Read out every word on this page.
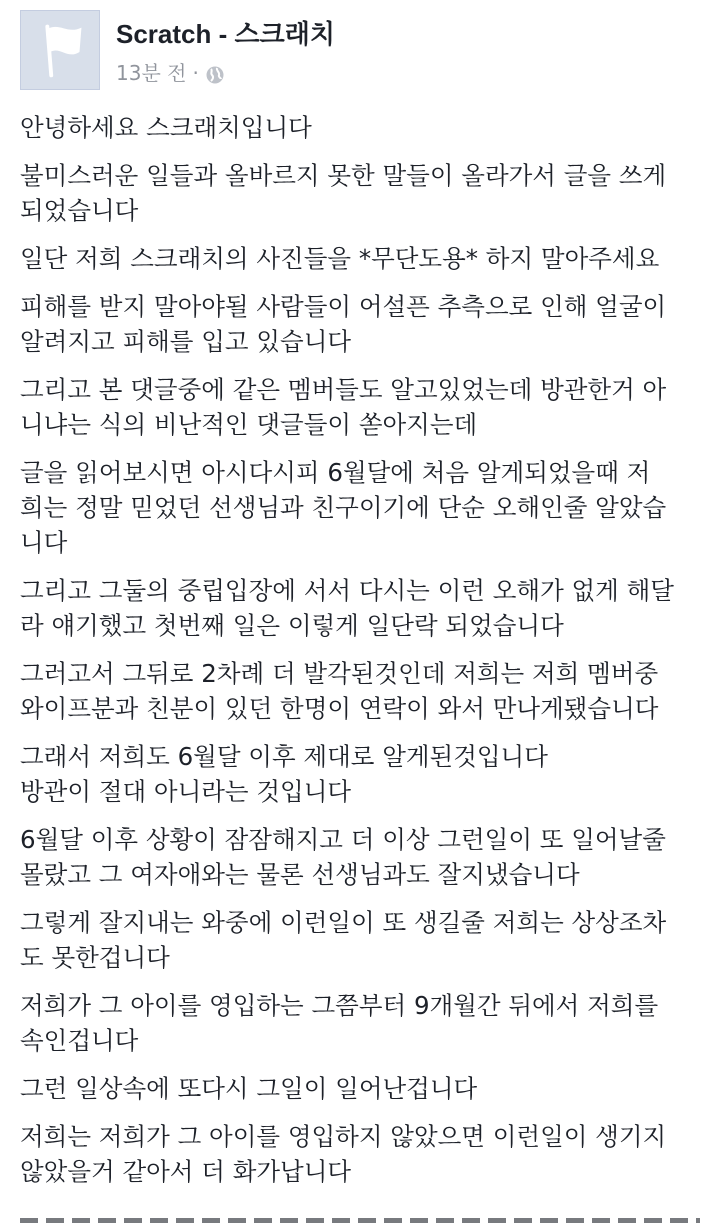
Scratch - 스크래치
13분 전 ·

안녕하세요 스크래치입니다

불미스러운 일들과 올바르지 못한 말들이 올라가서 글을 쓰게
되었습니다

일단 저희 스크래치의 사진들을 *무단도용* 하지 말아주세요

피해를 받지 말아야될 사람들이 어설픈 추측으로 인해 얼굴이
알려지고 피해를 입고 있습니다

그리고 본 댓글중에 같은 멤버들도 알고있었는데 방관한거 아
니냐는 식의 비난적인 댓글들이 쏟아지는데

글을 읽어보시면 아시다시피 6월달에 처음 알게되었을때 저
희는 정말 믿었던 선생님과 친구이기에 단순 오해인줄 알았습
니다

그리고 그둘의 중립입장에 서서 다시는 이런 오해가 없게 해달
라 얘기했고 첫번째 일은 이렇게 일단락 되었습니다

그러고서 그뒤로 2차례 더 발각된것인데 저희는 저희 멤버중
와이프분과 친분이 있던 한명이 연락이 와서 만나게됐습니다

그래서 저희도 6월달 이후 제대로 알게된것입니다
방관이 절대 아니라는 것입니다

6월달 이후 상황이 잠잠해지고 더 이상 그런일이 또 일어날줄
몰랐고 그 여자애와는 물론 선생님과도 잘지냈습니다

그렇게 잘지내는 와중에 이런일이 또 생길줄 저희는 상상조차
도 못한겁니다

저희가 그 아이를 영입하는 그쯤부터 9개월간 뒤에서 저희를
속인겁니다

그런 일상속에 또다시 그일이 일어난겁니다

저희는 저희가 그 아이를 영입하지 않았으면 이런일이 생기지
않았을거 같아서 더 화가납니다
